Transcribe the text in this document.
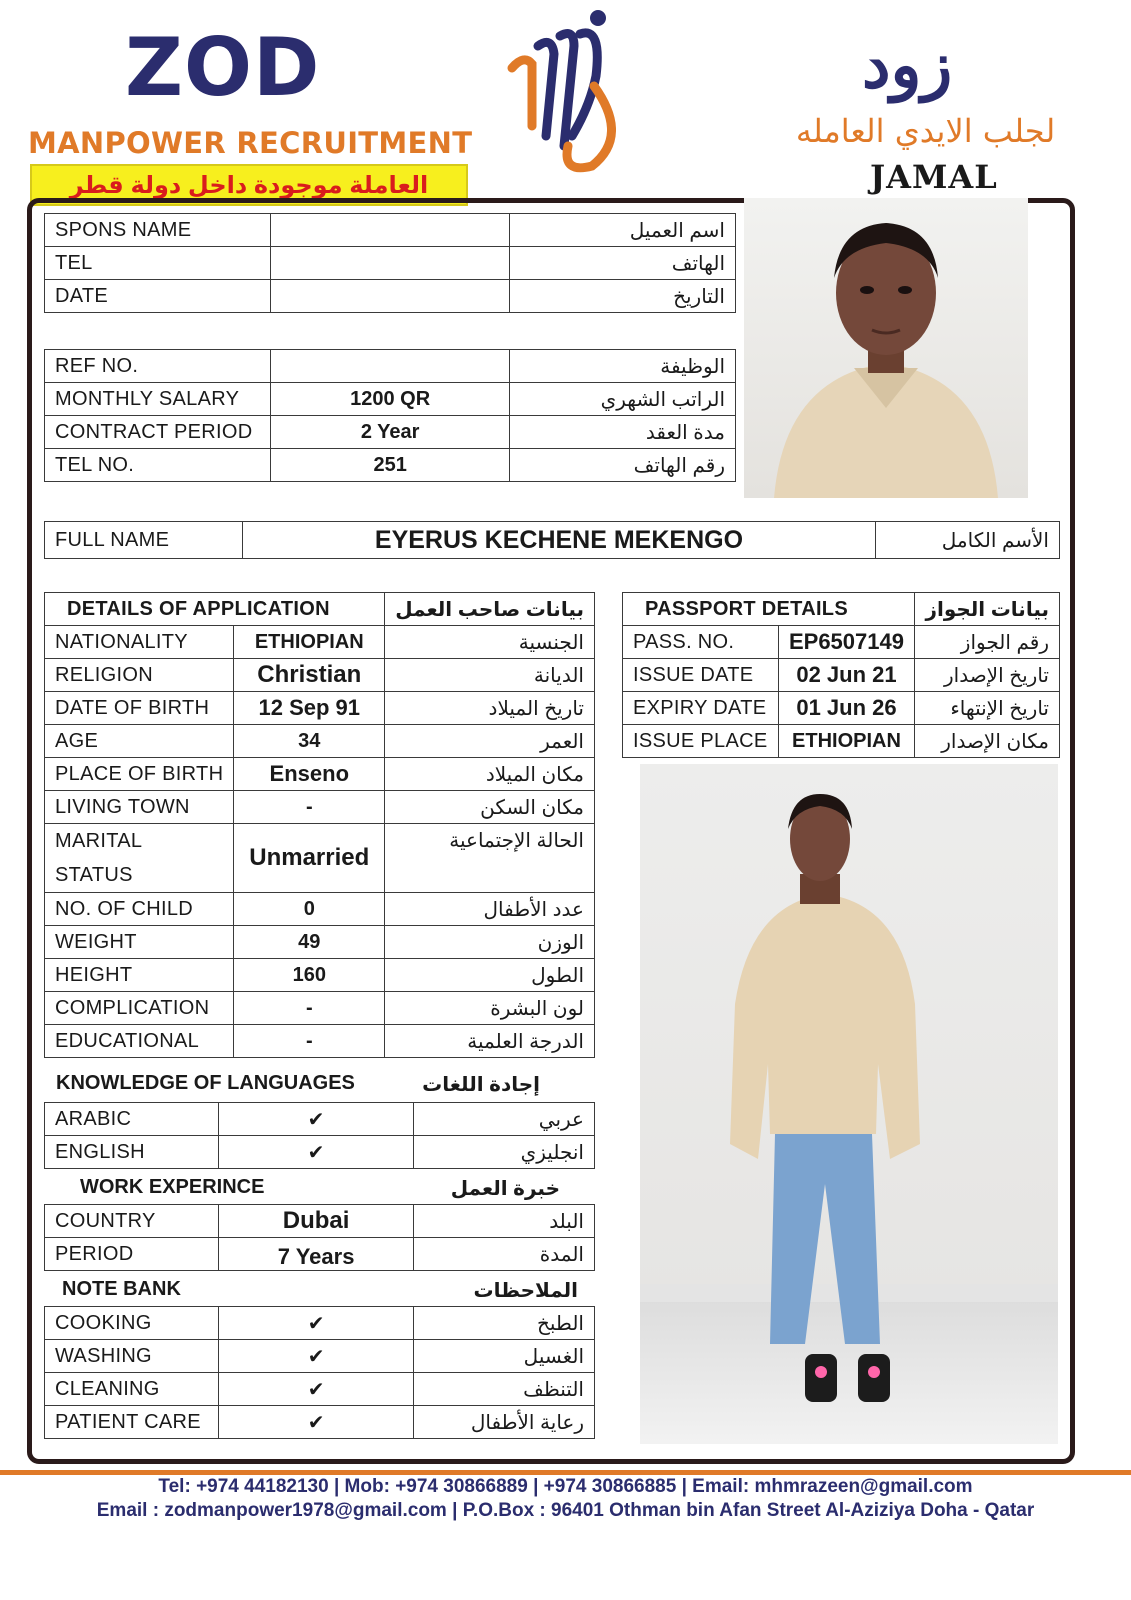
ZOD
MANPOWER RECRUITMENT
العاملة موجودة داخل دولة قطر
زود
لجلب الايدي العامله
JAMAL
SPONS NAME		اسم العميل
TEL		الهاتف
DATE		التاريخ
REF NO.		الوظيفة
MONTHLY SALARY	1200 QR	الراتب الشهري
CONTRACT PERIOD	2 Year	مدة العقد
TEL NO.	251	رقم الهاتف
FULL NAME	EYERUS KECHENE MEKENGO	الأسم الكامل
DETAILS OF APPLICATION		بيانات صاحب العمل
NATIONALITY	ETHIOPIAN	الجنسية
RELIGION	Christian	الديانة
DATE OF BIRTH	12 Sep 91	تاريخ الميلاد
AGE	34	العمر
PLACE OF BIRTH	Enseno	مكان الميلاد
LIVING TOWN	-	مكان السكن
MARITAL
STATUS	Unmarried	الحالة الإجتماعية
NO. OF CHILD	0	عدد الأطفال
WEIGHT	49	الوزن
HEIGHT	160	الطول
COMPLICATION	-	لون البشرة
EDUCATIONAL	-	الدرجة العلمية
KNOWLEDGE OF LANGUAGES	إجادة اللغات
ARABIC	✔	عربي
ENGLISH	✔	انجليزي
WORK EXPERINCE	خبرة العمل
COUNTRY	Dubai	البلد
PERIOD	7 Years	المدة
NOTE BANK	الملاحظات
COOKING	✔	الطبخ
WASHING	✔	الغسيل
CLEANING	✔	التنظف
PATIENT CARE	✔	رعاية الأطفال
PASSPORT DETAILS		بيانات الجواز
PASS. NO.	EP6507149	رقم الجواز
ISSUE DATE	02 Jun 21	تاريخ الإصدار
EXPIRY DATE	01 Jun 26	تاريخ الإنتهاء
ISSUE PLACE	ETHIOPIAN	مكان الإصدار
Tel: +974 44182130 | Mob: +974 30866889 | +974 30866885 | Email: mhmrazeen@gmail.com
Email : zodmanpower1978@gmail.com | P.O.Box : 96401 Othman bin Afan Street Al-Aziziya Doha - Qatar
